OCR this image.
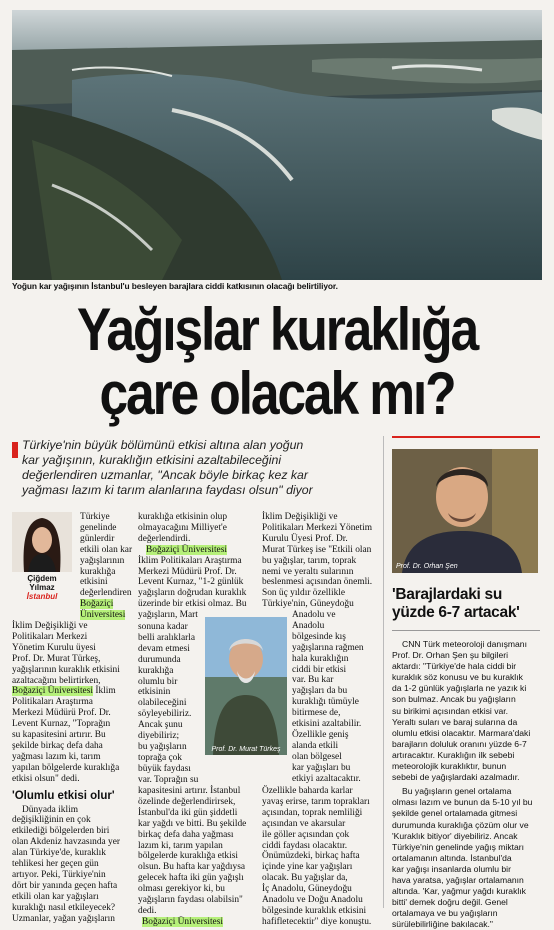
Yoğun kar yağışının İstanbul'u besleyen barajlara ciddi katkısının olacağı belirtiliyor.
Yağışlar kuraklığa
çare olacak mı?
Türkiye'nin büyük bölümünü etkisi altına alan yoğun
kar yağışının, kuraklığın etkisini azaltabileceğini
değerlendiren uzmanlar, "Ancak böyle birkaç kez kar
yağması lazım ki tarım alanlarına faydası olsun" diyor
Çiğdem
Yılmaz
İstanbul
Türkiye
genelinde
günlerdir
etkili olan kar
yağışlarının
kuraklığa
etkisini
değerlendiren
Boğaziçi
Üniversitesi
İklim Değişikliği ve
Politikaları Merkezi
Yönetim Kurulu üyesi
Prof. Dr. Murat Türkeş,
yağışlarının kuraklık etkisini
azaltacağını belirtirken,
Boğaziçi Üniversitesi İklim
Politikaları Araştırma
Merkezi Müdürü Prof. Dr.
Levent Kurnaz, "Toprağın
su kapasitesini artırır. Bu
şekilde birkaç defa daha
yağması lazım ki, tarım
yapılan bölgelerde kuraklığa
etkisi olsun" dedi.
'Olumlu etkisi olur'
Dünyada iklim
değişikliğinin en çok
etkilediği bölgelerden biri
olan Akdeniz havzasında yer
alan Türkiye'de, kuraklık
tehlikesi her geçen gün
artıyor. Peki, Türkiye'nin
dört bir yanında geçen hafta
etkili olan kar yağışları
kuraklığı nasıl etkileyecek?
Uzmanlar, yağan yağışların
kuraklığa etkisinin olup
olmayacağını Milliyet'e
değerlendirdi.
Boğaziçi Üniversitesi
İklim Politikaları Araştırma
Merkezi Müdürü Prof. Dr.
Levent Kurnaz, "1-2 günlük
yağışların doğrudan kuraklık
üzerinde bir etkisi olmaz. Bu
yağışların, Mart
sonuna kadar
belli aralıklarla
devam etmesi
durumunda
kuraklığa
olumlu bir
etkisinin
olabileceğini
söyleyebiliriz.
Ancak şunu
diyebiliriz;
bu yağışların
toprağa çok
büyük faydası
var. Toprağın su
kapasitesini artırır. İstanbul
özelinde değerlendirirsek,
İstanbul'da iki gün şiddetli
kar yağdı ve bitti. Bu şekilde
birkaç defa daha yağması
lazım ki, tarım yapılan
bölgelerde kuraklığa etkisi
olsun. Bu hafta kar yağdıysa
gelecek hafta iki gün yağışlı
olması gerekiyor ki, bu
yağışların faydası olabilsin"
dedi.
Boğaziçi Üniversitesi
Prof. Dr. Murat Türkeş
İklim Değişikliği ve
Politikaları Merkezi Yönetim
Kurulu Üyesi Prof. Dr.
Murat Türkeş ise "Etkili olan
bu yağışlar, tarım, toprak
nemi ve yeraltı sularının
beslenmesi açısından önemli.
Son üç yıldır özellikle
Türkiye'nin, Güneydoğu
Anadolu ve
Anadolu
bölgesinde kış
yağışlarına rağmen
hala kuraklığın
ciddi bir etkisi
var. Bu kar
yağışları da bu
kuraklığı tümüyle
bitirmese de,
etkisini azaltabilir.
Özellikle geniş
alanda etkili
olan bölgesel
kar yağışları bu
etkiyi azaltacaktır.
Özellikle baharda karlar
yavaş erirse, tarım toprakları
açısından, toprak nemliliği
açısından ve akarsular
ile göller açısından çok
ciddi faydası olacaktır.
Önümüzdeki, birkaç hafta
içinde yine kar yağışları
olacak. Bu yağışlar da,
İç Anadolu, Güneydoğu
Anadolu ve Doğu Anadolu
bölgesinde kuraklık etkisini
hafifletecektir" diye konuştu.
Prof. Dr. Orhan Şen
'Barajlardaki su
yüzde 6-7 artacak'
CNN Türk meteoroloji danışmanı
Prof. Dr. Orhan Şen şu bilgileri
aktardı: "Türkiye'de hala ciddi bir
kuraklık söz konusu ve bu kuraklık
da 1-2 günlük yağışlarla ne yazık ki
son bulmaz. Ancak bu yağışların
su birikimi açısından etkisi var.
Yeraltı suları ve baraj sularına da
olumlu etkisi olacaktır. Marmara'daki
barajların doluluk oranını yüzde 6-7
artıracaktır. Kuraklığın ilk sebebi
meteorolojik kuraklıktır, bunun
sebebi de yağışlardaki azalmadır.
Bu yağışların genel ortalama
olması lazım ve bunun da 5-10 yıl bu
şekilde genel ortalamada gitmesi
durumunda kuraklığa çözüm olur ve
'Kuraklık bitiyor' diyebiliriz. Ancak
Türkiye'nin genelinde yağış miktarı
ortalamanın altında. İstanbul'da
kar yağışı insanlarda olumlu bir
hava yaratsa, yağışlar ortalamanın
altında. 'Kar, yağmur yağdı kuraklık
bitti' demek doğru değil. Genel
ortalamaya ve bu yağışların
sürülebilirliğine bakılacak."
